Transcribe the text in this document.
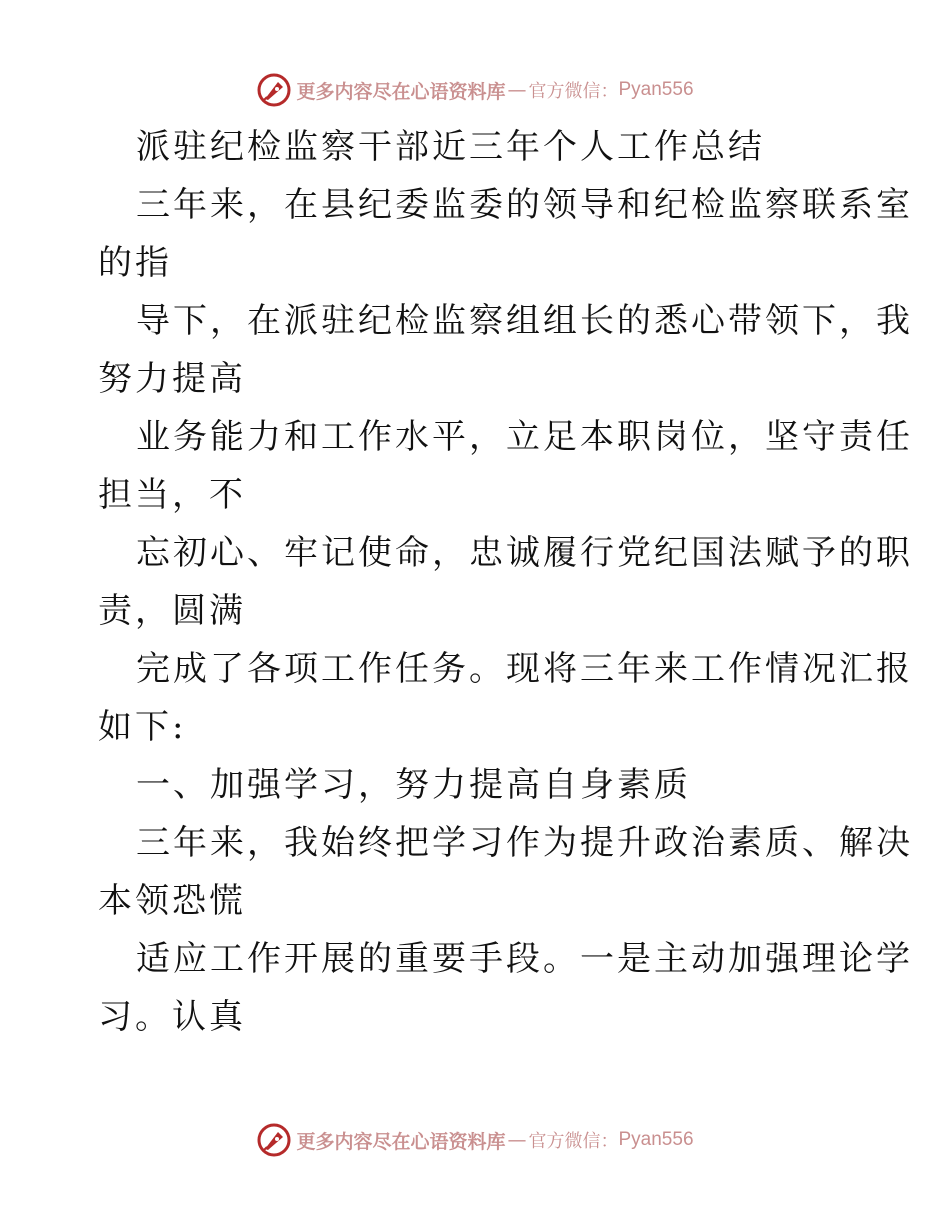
更多内容尽在心语资料库 — 官方微信： Pyan556
派驻纪检监察干部近三年个人工作总结
三年来，在县纪委监委的领导和纪检监察联系室
的指
导下，在派驻纪检监察组组长的悉心带领下，我
努力提高
业务能力和工作水平，立足本职岗位，坚守责任
担当，不
忘初心、牢记使命，忠诚履行党纪国法赋予的职
责，圆满
完成了各项工作任务。现将三年来工作情况汇报
如下:
一、加强学习，努力提高自身素质
三年来，我始终把学习作为提升政治素质、解决
本领恐慌
适应工作开展的重要手段。一是主动加强理论学
习。认真
更多内容尽在心语资料库 — 官方微信： Pyan556
